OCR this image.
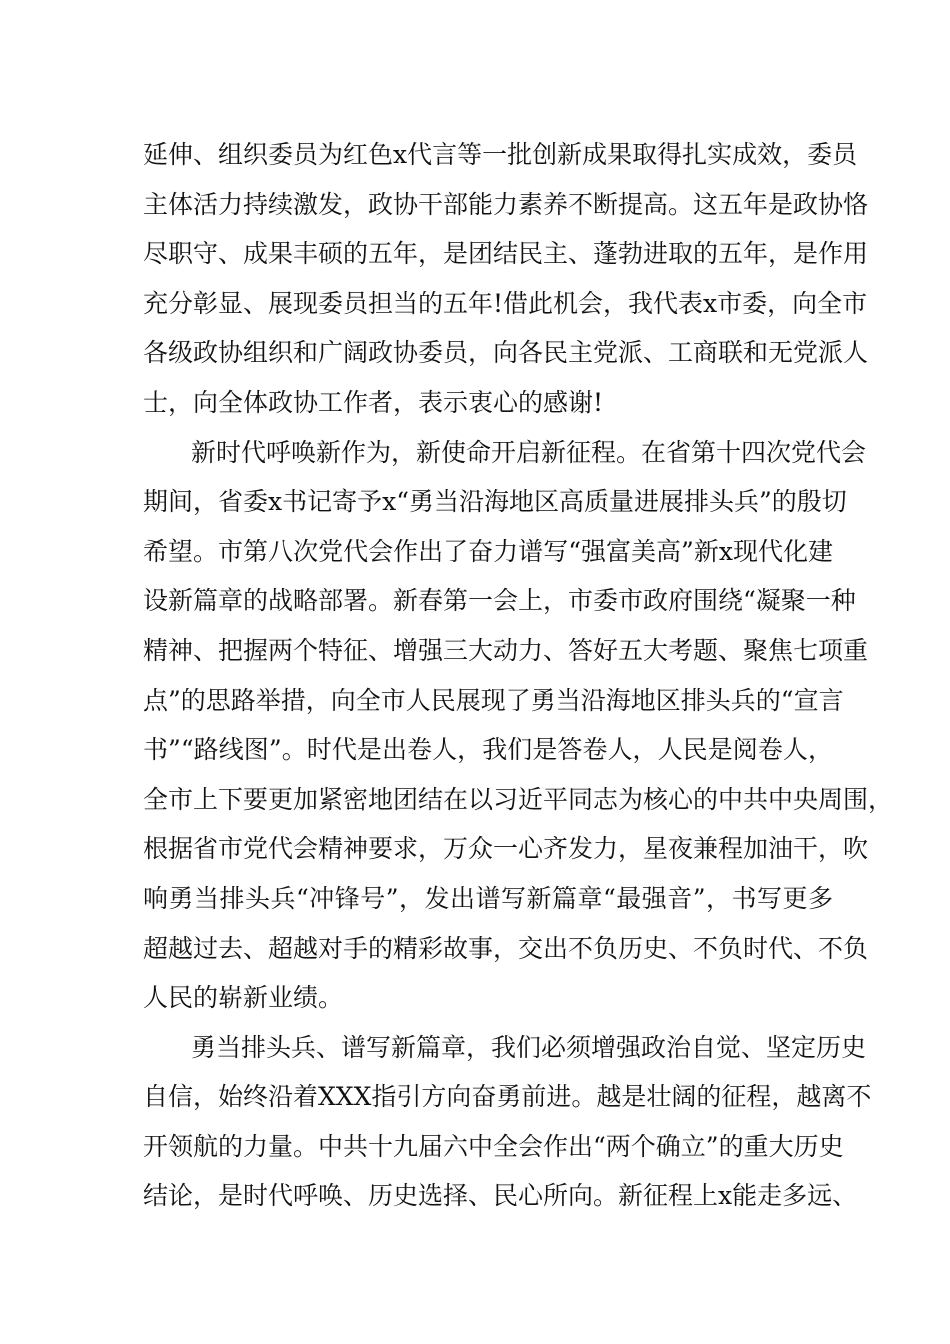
延伸、组织委员为红色x代言等一批创新成果取得扎实成效，委员
主体活力持续激发，政协干部能力素养不断提高。这五年是政协恪
尽职守、成果丰硕的五年，是团结民主、蓬勃进取的五年，是作用
充分彰显、展现委员担当的五年!借此机会，我代表x市委，向全市
各级政协组织和广阔政协委员，向各民主党派、工商联和无党派人
士，向全体政协工作者，表示衷心的感谢!
新时代呼唤新作为，新使命开启新征程。在省第十四次党代会
期间，省委x书记寄予x“勇当沿海地区高质量进展排头兵”的殷切
希望。市第八次党代会作出了奋力谱写“强富美高”新x现代化建
设新篇章的战略部署。新春第一会上，市委市政府围绕“凝聚一种
精神、把握两个特征、增强三大动力、答好五大考题、聚焦七项重
点”的思路举措，向全市人民展现了勇当沿海地区排头兵的“宣言
书”“路线图”。时代是出卷人，我们是答卷人，人民是阅卷人，
全市上下要更加紧密地团结在以习近平同志为核心的中共中央周围，
根据省市党代会精神要求，万众一心齐发力，星夜兼程加油干，吹
响勇当排头兵“冲锋号”，发出谱写新篇章“最强音”，书写更多
超越过去、超越对手的精彩故事，交出不负历史、不负时代、不负
人民的崭新业绩。
勇当排头兵、谱写新篇章，我们必须增强政治自觉、坚定历史
自信，始终沿着XXX指引方向奋勇前进。越是壮阔的征程，越离不
开领航的力量。中共十九届六中全会作出“两个确立”的重大历史
结论，是时代呼唤、历史选择、民心所向。新征程上x能走多远、
